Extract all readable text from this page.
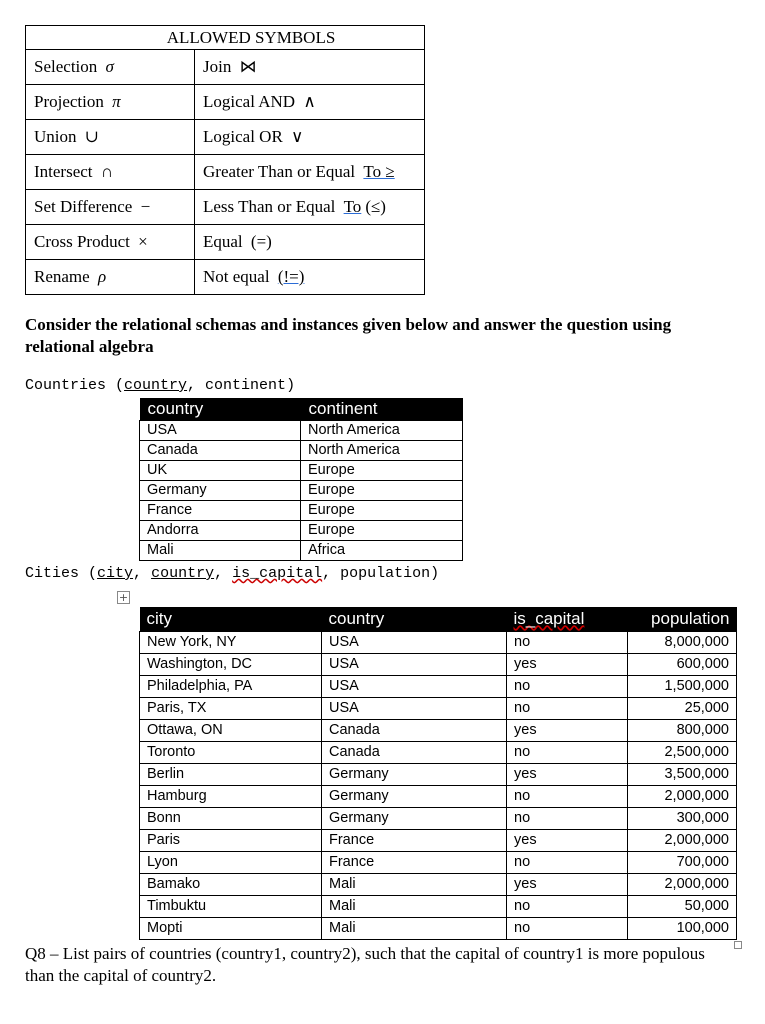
ALLOWED SYMBOLS	
Selection σ	Join ⋈
Projection π	Logical AND ∧
Union ∪	Logical OR ∨
Intersect ∩	Greater Than or Equal To ≥
Set Difference −	Less Than or Equal To (≤)
Cross Product ×	Equal (=)
Rename ρ	Not equal (!=)
Consider the relational schemas and instances given below and answer the question using relational algebra
Countries (country, continent)
country	continent
USA	North America
Canada	North America
UK	Europe
Germany	Europe
France	Europe
Andorra	Europe
Mali	Africa
Cities (city, country, is_capital, population)
+
city	country	is_capital	population
New York, NY	USA	no	8,000,000
Washington, DC	USA	yes	600,000
Philadelphia, PA	USA	no	1,500,000
Paris, TX	USA	no	25,000
Ottawa, ON	Canada	yes	800,000
Toronto	Canada	no	2,500,000
Berlin	Germany	yes	3,500,000
Hamburg	Germany	no	2,000,000
Bonn	Germany	no	300,000
Paris	France	yes	2,000,000
Lyon	France	no	700,000
Bamako	Mali	yes	2,000,000
Timbuktu	Mali	no	50,000
Mopti	Mali	no	100,000
Q8 – List pairs of countries (country1, country2), such that the capital of country1 is more populous than the capital of country2.
